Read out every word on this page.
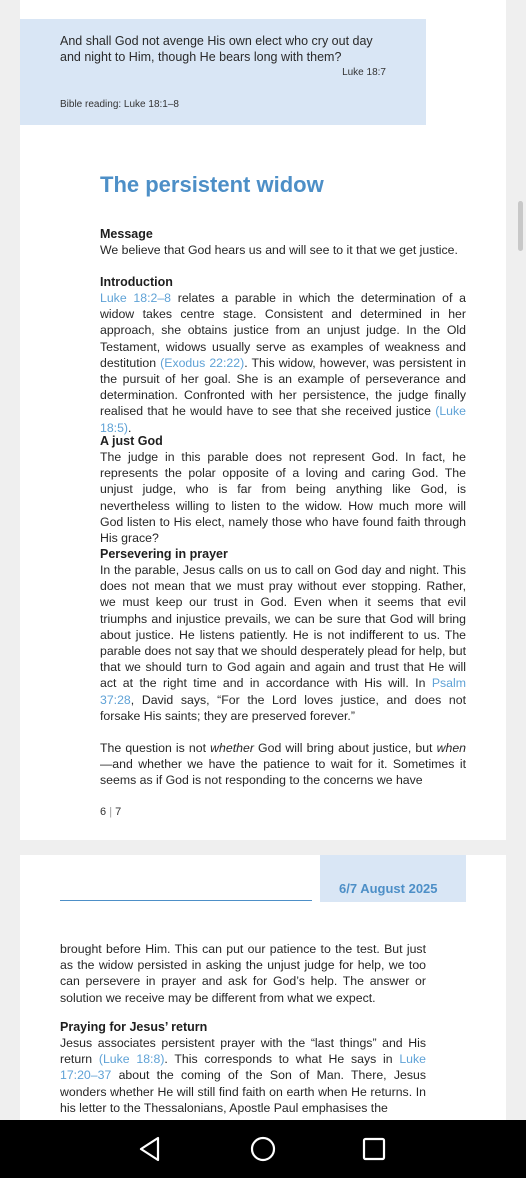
And shall God not avenge His own elect who cry out day and night to Him, though He bears long with them?
Luke 18:7
Bible reading: Luke 18:1–8
The persistent widow
Message

We believe that God hears us and will see to it that we get justice.

Introduction

Luke 18:2–8 relates a parable in which the determination of a widow takes centre stage. Consistent and determined in her approach, she obtains justice from an unjust judge. In the Old Testament, widows usually serve as examples of weakness and destitution (Exodus 22:22). This widow, however, was persistent in the pursuit of her goal. She is an example of perseverance and determination. Confronted with her persistence, the judge finally realised that he would have to see that she received justice (Luke 18:5).

A just God

The judge in this parable does not represent God. In fact, he represents the polar opposite of a loving and caring God. The unjust judge, who is far from being anything like God, is nevertheless willing to listen to the widow. How much more will God listen to His elect, namely those who have found faith through His grace?

Persevering in prayer

In the parable, Jesus calls on us to call on God day and night. This does not mean that we must pray without ever stopping. Rather, we must keep our trust in God. Even when it seems that evil triumphs and injustice prevails, we can be sure that God will bring about justice. He listens patiently. He is not indifferent to us. The parable does not say that we should desperately plead for help, but that we should turn to God again and again and trust that He will act at the right time and in accordance with His will. In Psalm 37:28, David says, “For the Lord loves justice, and does not forsake His saints; they are preserved forever.”

The question is not whether God will bring about justice, but when—and whether we have the patience to wait for it. Sometimes it seems as if God is not responding to the concerns we have

6 | 7
6/7 August 2025

brought before Him. This can put our patience to the test. But just as the widow persisted in asking the unjust judge for help, we too can persevere in prayer and ask for God’s help. The answer or solution we receive may be different from what we expect.

Praying for Jesus’ return

Jesus associates persistent prayer with the “last things” and His return (Luke 18:8). This corresponds to what He says in Luke 17:20–37 about the coming of the Son of Man. There, Jesus wonders whether He will still find faith on earth when He returns. In his letter to the Thessalonians, Apostle Paul emphasises the
